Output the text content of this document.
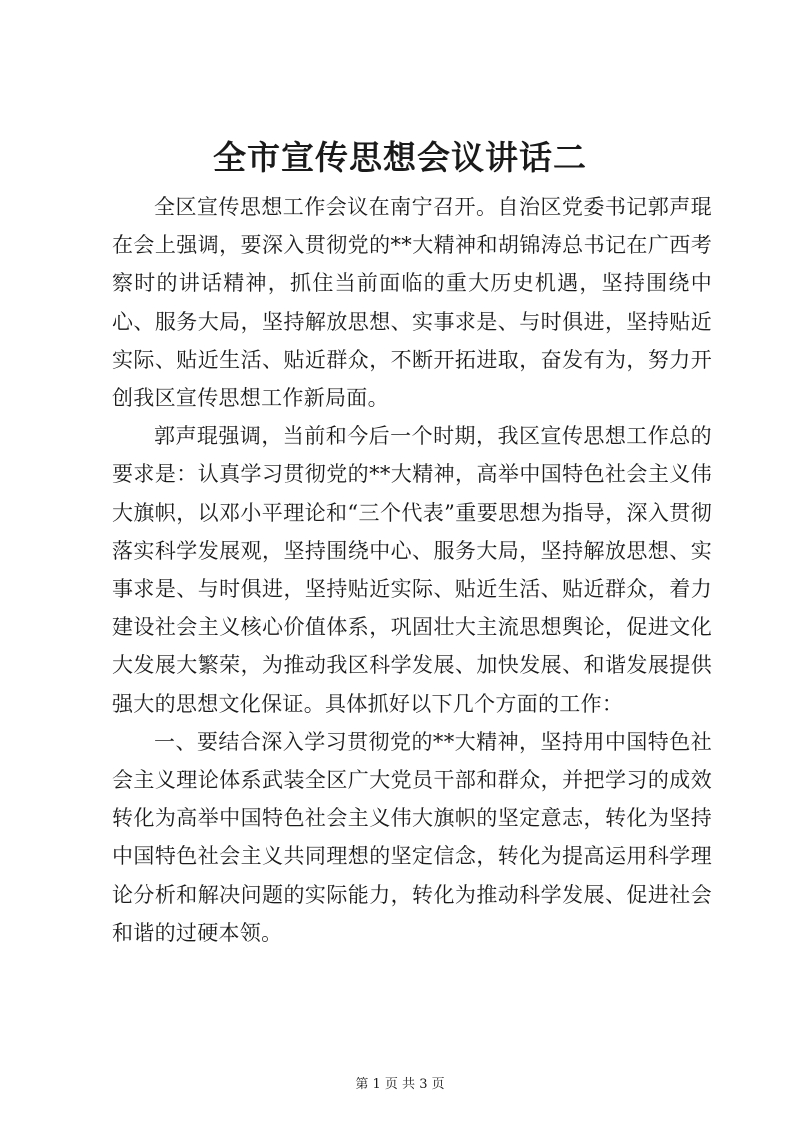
全市宣传思想会议讲话二

全区宣传思想工作会议在南宁召开。自治区党委书记郭声琨在会上强调，要深入贯彻党的**大精神和胡锦涛总书记在广西考察时的讲话精神，抓住当前面临的重大历史机遇，坚持围绕中心、服务大局，坚持解放思想、实事求是、与时俱进，坚持贴近实际、贴近生活、贴近群众，不断开拓进取，奋发有为，努力开创我区宣传思想工作新局面。

郭声琨强调，当前和今后一个时期，我区宣传思想工作总的要求是：认真学习贯彻党的**大精神，高举中国特色社会主义伟大旗帜，以邓小平理论和“三个代表”重要思想为指导，深入贯彻落实科学发展观，坚持围绕中心、服务大局，坚持解放思想、实事求是、与时俱进，坚持贴近实际、贴近生活、贴近群众，着力建设社会主义核心价值体系，巩固壮大主流思想舆论，促进文化大发展大繁荣，为推动我区科学发展、加快发展、和谐发展提供强大的思想文化保证。具体抓好以下几个方面的工作：

一、要结合深入学习贯彻党的**大精神，坚持用中国特色社会主义理论体系武装全区广大党员干部和群众，并把学习的成效转化为高举中国特色社会主义伟大旗帜的坚定意志，转化为坚持中国特色社会主义共同理想的坚定信念，转化为提高运用科学理论分析和解决问题的实际能力，转化为推动科学发展、促进社会和谐的过硬本领。

第 1 页 共 3 页
